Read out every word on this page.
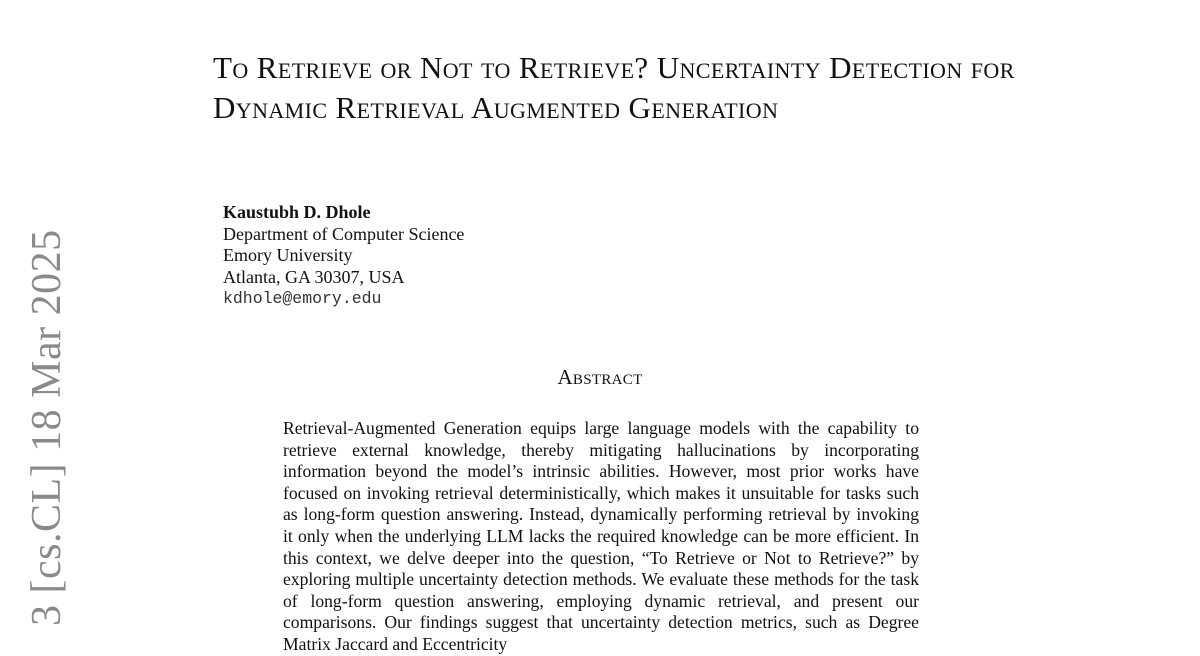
3 [cs.CL] 18 Mar 2025
To Retrieve or Not to Retrieve? Uncertainty Detection for Dynamic Retrieval Augmented Generation
Kaustubh D. Dhole
Department of Computer Science
Emory University
Atlanta, GA 30307, USA
kdhole@emory.edu
Abstract

Retrieval-Augmented Generation equips large language models with the capability to retrieve external knowledge, thereby mitigating hallucinations by incorporating information beyond the model’s intrinsic abilities. However, most prior works have focused on invoking retrieval deterministically, which makes it unsuitable for tasks such as long-form question answering. Instead, dynamically performing retrieval by invoking it only when the underlying LLM lacks the required knowledge can be more efficient. In this context, we delve deeper into the question, “To Retrieve or Not to Retrieve?” by exploring multiple uncertainty detection methods. We evaluate these methods for the task of long-form question answering, employing dynamic retrieval, and present our comparisons. Our findings suggest that uncertainty detection metrics, such as Degree Matrix Jaccard and Eccentricity
